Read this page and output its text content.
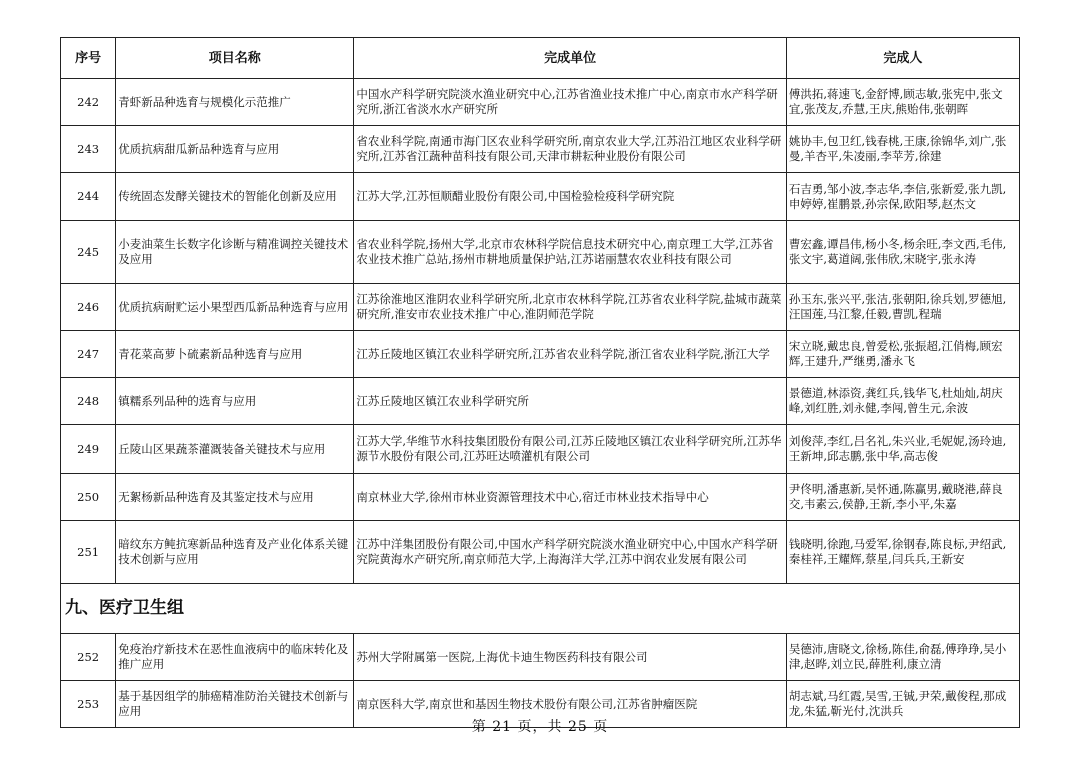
序号	项目名称	完成单位	完成人
242	青虾新品种选育与规模化示范推广	中国水产科学研究院淡水渔业研究中心,江苏省渔业技术推广中心,南京市水产科学研究所,浙江省淡水水产研究所	傅洪拓,蒋速飞,金舒博,顾志敏,张宪中,张文宜,张茂友,乔慧,王庆,熊贻伟,张朝晖
243	优质抗病甜瓜新品种选育与应用	省农业科学院,南通市海门区农业科学研究所,南京农业大学,江苏沿江地区农业科学研究所,江苏省江蔬种苗科技有限公司,天津市耕耘种业股份有限公司	姚协丰,包卫红,钱春桃,王康,徐锦华,刘广,张曼,羊杏平,朱凌丽,李苹芳,徐建
244	传统固态发酵关键技术的智能化创新及应用	江苏大学,江苏恒顺醋业股份有限公司,中国检验检疫科学研究院	石吉勇,邹小波,李志华,李信,张新爱,张九凯,申婷婷,崔鹏景,孙宗保,欧阳琴,赵杰文
245	小麦油菜生长数字化诊断与精准调控关键技术及应用	省农业科学院,扬州大学,北京市农林科学院信息技术研究中心,南京理工大学,江苏省农业技术推广总站,扬州市耕地质量保护站,江苏诺丽慧农农业科技有限公司	曹宏鑫,谭昌伟,杨小冬,杨余旺,李文西,毛伟,张文宇,葛道阔,张伟欣,宋晓宇,张永涛
246	优质抗病耐贮运小果型西瓜新品种选育与应用	江苏徐淮地区淮阴农业科学研究所,北京市农林科学院,江苏省农业科学院,盐城市蔬菜研究所,淮安市农业技术推广中心,淮阴师范学院	孙玉东,张兴平,张洁,张朝阳,徐兵划,罗德旭,汪国莲,马江黎,任毅,曹凯,程瑞
247	青花菜高萝卜硫素新品种选育与应用	江苏丘陵地区镇江农业科学研究所,江苏省农业科学院,浙江省农业科学院,浙江大学	宋立晓,戴忠良,曾爱松,张振超,江俏梅,顾宏辉,王建升,严继勇,潘永飞
248	镇糯系列品种的选育与应用	江苏丘陵地区镇江农业科学研究所	景德道,林添资,龚红兵,钱华飞,杜灿灿,胡庆峰,刘红胜,刘永健,李闯,曾生元,余波
249	丘陵山区果蔬茶灌溉装备关键技术与应用	江苏大学,华维节水科技集团股份有限公司,江苏丘陵地区镇江农业科学研究所,江苏华源节水股份有限公司,江苏旺达喷灌机有限公司	刘俊萍,李红,吕名礼,朱兴业,毛妮妮,汤玲迪,王新坤,邱志鹏,张中华,高志俊
250	无絮杨新品种选育及其鉴定技术与应用	南京林业大学,徐州市林业资源管理技术中心,宿迁市林业技术指导中心	尹佟明,潘惠新,吴怀通,陈赢男,戴晓港,薛良交,韦素云,侯静,王新,李小平,朱嘉
251	暗纹东方鲀抗寒新品种选育及产业化体系关键技术创新与应用	江苏中洋集团股份有限公司,中国水产科学研究院淡水渔业研究中心,中国水产科学研究院黄海水产研究所,南京师范大学,上海海洋大学,江苏中润农业发展有限公司	钱晓明,徐跑,马爱军,徐钢春,陈良标,尹绍武,秦桂祥,王耀辉,蔡星,闫兵兵,王新安
九、医疗卫生组			
252	免疫治疗新技术在恶性血液病中的临床转化及推广应用	苏州大学附属第一医院,上海优卡迪生物医药科技有限公司	吴德沛,唐晓文,徐杨,陈佳,俞磊,傅琤琤,吴小津,赵晔,刘立民,薛胜利,康立清
253	基于基因组学的肺癌精准防治关键技术创新与应用	南京医科大学,南京世和基因生物技术股份有限公司,江苏省肿瘤医院	胡志斌,马红霞,吴雪,王铖,尹荣,戴俊程,那成龙,朱猛,靳光付,沈洪兵
第 21 页，共 25 页
